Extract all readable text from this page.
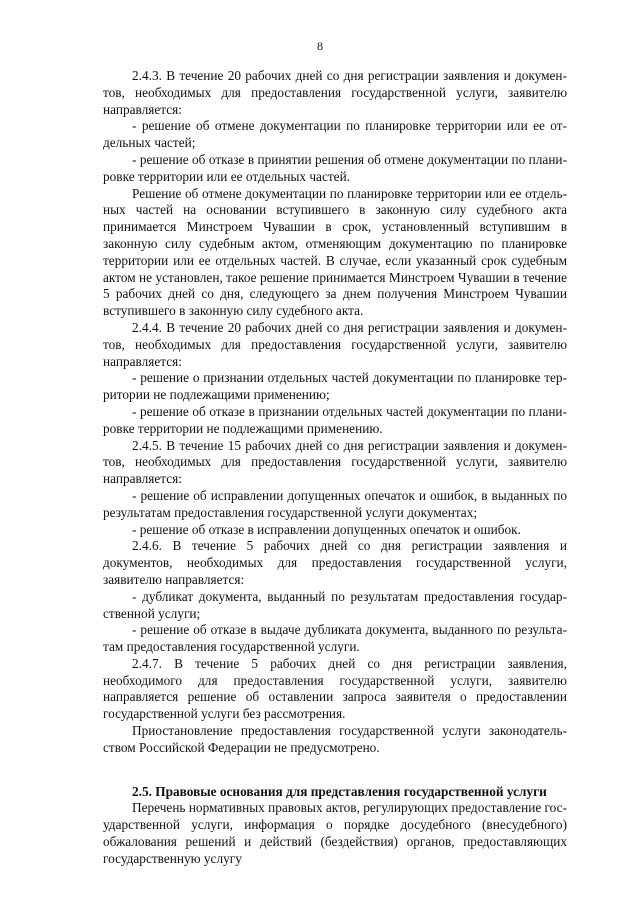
8

2.4.3. В течение 20 рабочих дней со дня регистрации заявления и документов, необходимых для предоставления государственной услуги, заявителю направляется:

- решение об отмене документации по планировке территории или ее отдельных частей;

- решение об отказе в принятии решения об отмене документации по планировке территории или ее отдельных частей.

Решение об отмене документации по планировке территории или ее отдельных частей на основании вступившего в законную силу судебного акта принимается Минстроем Чувашии в срок, установленный вступившим в законную силу судебным актом, отменяющим документацию по планировке территории или ее отдельных частей. В случае, если указанный срок судебным актом не установлен, такое решение принимается Минстроем Чувашии в течение 5 рабочих дней со дня, следующего за днем получения Минстроем Чувашии вступившего в законную силу судебного акта.

2.4.4. В течение 20 рабочих дней со дня регистрации заявления и документов, необходимых для предоставления государственной услуги, заявителю направляется:

- решение о признании отдельных частей документации по планировке территории не подлежащими применению;

- решение об отказе в признании отдельных частей документации по планировке территории не подлежащими применению.

2.4.5. В течение 15 рабочих дней со дня регистрации заявления и документов, необходимых для предоставления государственной услуги, заявителю направляется:

- решение об исправлении допущенных опечаток и ошибок, в выданных по результатам предоставления государственной услуги документах;

- решение об отказе в исправлении допущенных опечаток и ошибок.

2.4.6. В течение 5 рабочих дней со дня регистрации заявления и документов, необходимых для предоставления государственной услуги, заявителю направляется:

- дубликат документа, выданный по результатам предоставления государственной услуги;

- решение об отказе в выдаче дубликата документа, выданного по результатам предоставления государственной услуги.

2.4.7. В течение 5 рабочих дней со дня регистрации заявления, необходимого для предоставления государственной услуги, заявителю направляется решение об оставлении запроса заявителя о предоставлении государственной услуги без рассмотрения.

Приостановление предоставления государственной услуги законодательством Российской Федерации не предусмотрено.

2.5. Правовые основания для представления государственной услуги

Перечень нормативных правовых актов, регулирующих предоставление государственной услуги, информация о порядке досудебного (внесудебного) обжалования решений и действий (бездействия) органов, предоставляющих государственную услугу
